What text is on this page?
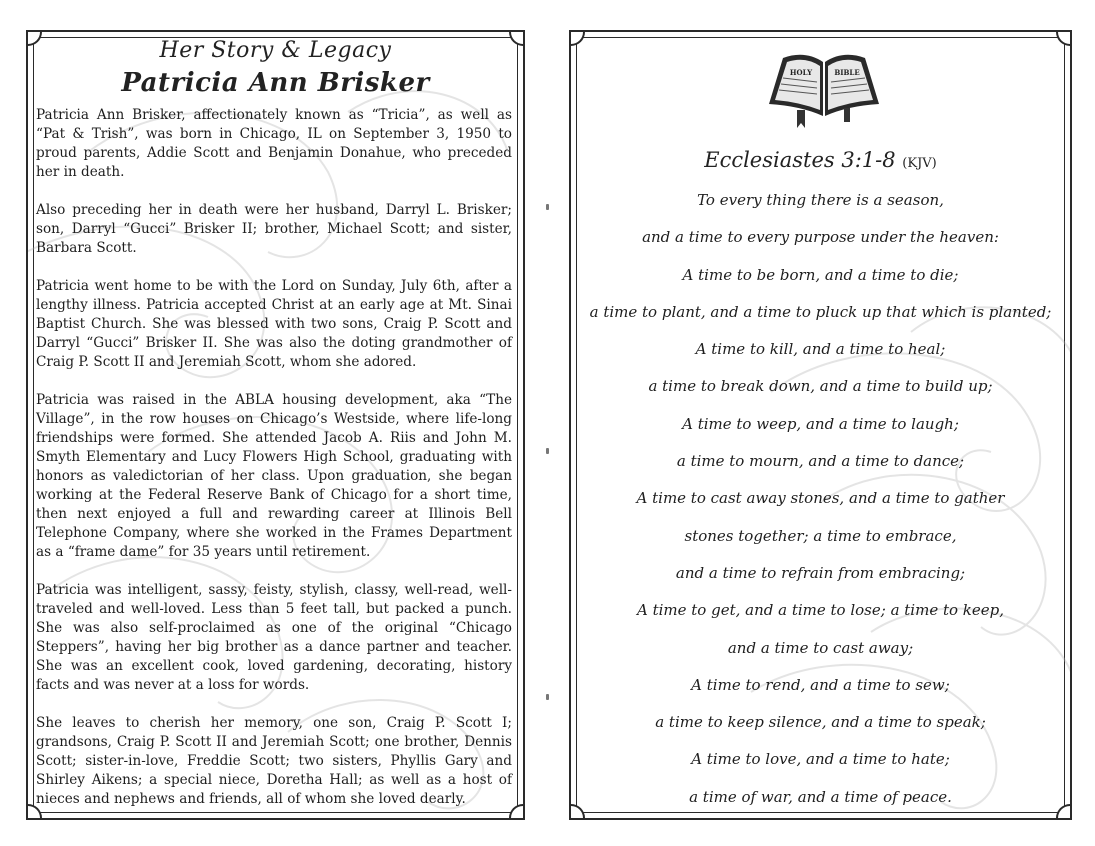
Her Story & Legacy
Patricia Ann Brisker

Patricia Ann Brisker, affectionately known as “Tricia”, as well as “Pat & Trish”, was born in Chicago, IL on September 3, 1950 to proud parents, Addie Scott and Benjamin Donahue, who preceded her in death.

Also preceding her in death were her husband, Darryl L. Brisker; son, Darryl “Gucci” Brisker II; brother, Michael Scott; and sister, Barbara Scott.

Patricia went home to be with the Lord on Sunday, July 6th, after a lengthy illness. Patricia accepted Christ at an early age at Mt. Sinai Baptist Church. She was blessed with two sons, Craig P. Scott and Darryl “Gucci” Brisker II. She was also the doting grandmother of Craig P. Scott II and Jeremiah Scott, whom she adored.

Patricia was raised in the ABLA housing development, aka “The Village”, in the row houses on Chicago’s Westside, where life-long friendships were formed. She attended Jacob A. Riis and John M. Smyth Elementary and Lucy Flowers High School, graduating with honors as valedictorian of her class. Upon graduation, she began working at the Federal Reserve Bank of Chicago for a short time, then next enjoyed a full and rewarding career at Illinois Bell Telephone Company, where she worked in the Frames Department as a “frame dame” for 35 years until retirement.

Patricia was intelligent, sassy, feisty, stylish, classy, well-read, well-traveled and well-loved. Less than 5 feet tall, but packed a punch. She was also self-proclaimed as one of the original “Chicago Steppers”, having her big brother as a dance partner and teacher. She was an excellent cook, loved gardening, decorating, history facts and was never at a loss for words.

She leaves to cherish her memory, one son, Craig P. Scott I; grandsons, Craig P. Scott II and Jeremiah Scott; one brother, Dennis Scott; sister-in-love, Freddie Scott; two sisters, Phyllis Gary and Shirley Aikens; a special niece, Doretha Hall; as well as a host of nieces and nephews and friends, all of whom she loved dearly.

HOLY	BIBLE
Ecclesiastes 3:1-8 (KJV)
To every thing there is a season,
and a time to every purpose under the heaven:
A time to be born, and a time to die;
a time to plant, and a time to pluck up that which is planted;
A time to kill, and a time to heal;
a time to break down, and a time to build up;
A time to weep, and a time to laugh;
a time to mourn, and a time to dance;
A time to cast away stones, and a time to gather
stones together; a time to embrace,
and a time to refrain from embracing;
A time to get, and a time to lose; a time to keep,
and a time to cast away;
A time to rend, and a time to sew;
a time to keep silence, and a time to speak;
A time to love, and a time to hate;
a time of war, and a time of peace.
